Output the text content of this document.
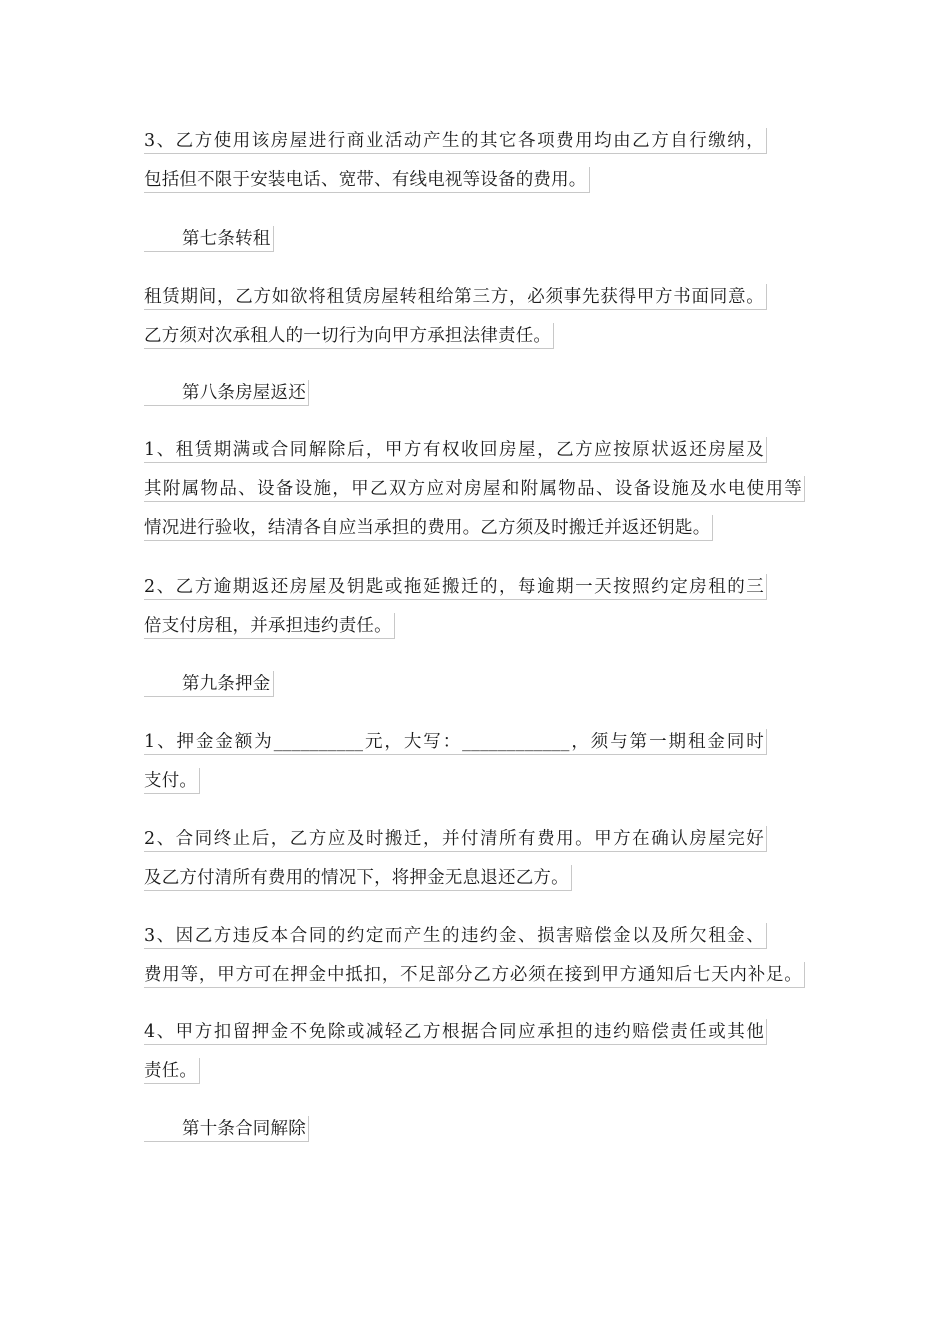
3、乙方使用该房屋进行商业活动产生的其它各项费用均由乙方自行缴纳，
包括但不限于安装电话、宽带、有线电视等设备的费用。
第七条转租
租赁期间，乙方如欲将租赁房屋转租给第三方，必须事先获得甲方书面同意。
乙方须对次承租人的一切行为向甲方承担法律责任。
第八条房屋返还
1、租赁期满或合同解除后，甲方有权收回房屋，乙方应按原状返还房屋及
其附属物品、设备设施，甲乙双方应对房屋和附属物品、设备设施及水电使用等
情况进行验收，结清各自应当承担的费用。乙方须及时搬迁并返还钥匙。
2、乙方逾期返还房屋及钥匙或拖延搬迁的，每逾期一天按照约定房租的三
倍支付房租，并承担违约责任。
第九条押金
1、押金金额为__________元，大写：____________，须与第一期租金同时
支付。
2、合同终止后，乙方应及时搬迁，并付清所有费用。甲方在确认房屋完好
及乙方付清所有费用的情况下，将押金无息退还乙方。
3、因乙方违反本合同的约定而产生的违约金、损害赔偿金以及所欠租金、
费用等，甲方可在押金中抵扣，不足部分乙方必须在接到甲方通知后七天内补足。
4、甲方扣留押金不免除或减轻乙方根据合同应承担的违约赔偿责任或其他
责任。
第十条合同解除
